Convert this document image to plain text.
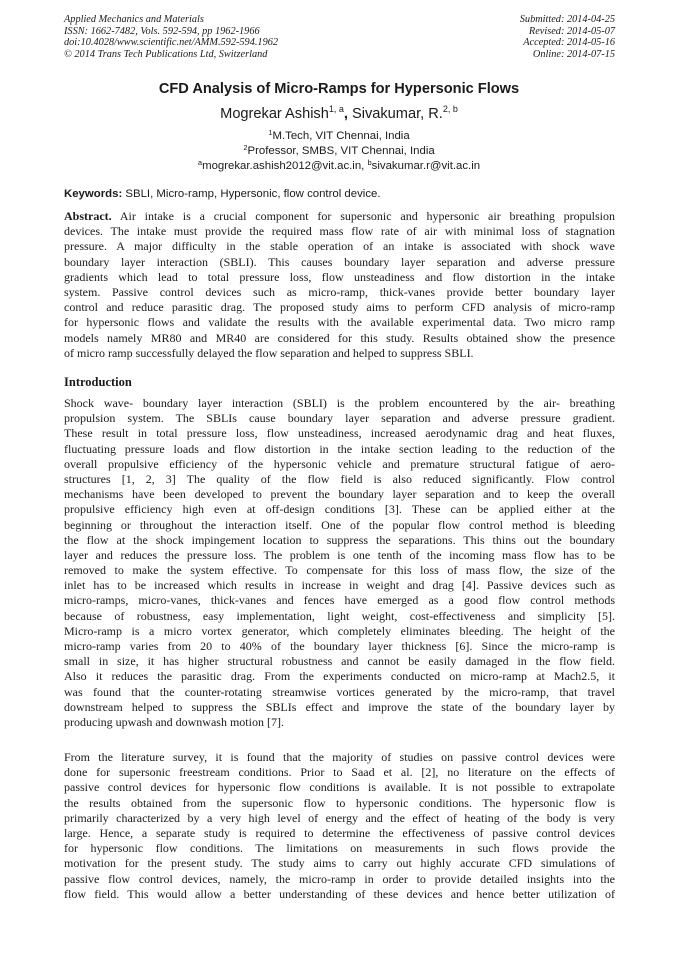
Applied Mechanics and Materials
ISSN: 1662-7482, Vols. 592-594, pp 1962-1966
doi:10.4028/www.scientific.net/AMM.592-594.1962
© 2014 Trans Tech Publications Ltd, Switzerland
Submitted: 2014-04-25
Revised: 2014-05-07
Accepted: 2014-05-16
Online: 2014-07-15
CFD Analysis of Micro-Ramps for Hypersonic Flows
Mogrekar Ashish$^{1, a}$, Sivakumar, R.$^{2, b}$
$^1$M.Tech, VIT Chennai, India
$^2$Professor, SMBS, VIT Chennai, India
$^a$mogrekar.ashish2012@vit.ac.in, $^b$sivakumar.r@vit.ac.in
Keywords: SBLI, Micro-ramp, Hypersonic, flow control device.
Abstract. Air intake is a crucial component for supersonic and hypersonic air breathing propulsion
devices. The intake must provide the required mass flow rate of air with minimal loss of stagnation
pressure. A major difficulty in the stable operation of an intake is associated with shock wave
boundary layer interaction (SBLI). This causes boundary layer separation and adverse pressure
gradients which lead to total pressure loss, flow unsteadiness and flow distortion in the intake
system. Passive control devices such as micro-ramp, thick-vanes provide better boundary layer
control and reduce parasitic drag. The proposed study aims to perform CFD analysis of micro-ramp
for hypersonic flows and validate the results with the available experimental data. Two micro ramp
models namely MR80 and MR40 are considered for this study. Results obtained show the presence
of micro ramp successfully delayed the flow separation and helped to suppress SBLI.
Introduction
Shock wave- boundary layer interaction (SBLI) is the problem encountered by the air- breathing
propulsion system. The SBLIs cause boundary layer separation and adverse pressure gradient.
These result in total pressure loss, flow unsteadiness, increased aerodynamic drag and heat fluxes,
fluctuating pressure loads and flow distortion in the intake section leading to the reduction of the
overall propulsive efficiency of the hypersonic vehicle and premature structural fatigue of aero-
structures [1, 2, 3] The quality of the flow field is also reduced significantly. Flow control
mechanisms have been developed to prevent the boundary layer separation and to keep the overall
propulsive efficiency high even at off-design conditions [3]. These can be applied either at the
beginning or throughout the interaction itself. One of the popular flow control method is bleeding
the flow at the shock impingement location to suppress the separations. This thins out the boundary
layer and reduces the pressure loss. The problem is one tenth of the incoming mass flow has to be
removed to make the system effective. To compensate for this loss of mass flow, the size of the
inlet has to be increased which results in increase in weight and drag [4]. Passive devices such as
micro-ramps, micro-vanes, thick-vanes and fences have emerged as a good flow control methods
because of robustness, easy implementation, light weight, cost-effectiveness and simplicity [5].
Micro-ramp is a micro vortex generator, which completely eliminates bleeding. The height of the
micro-ramp varies from 20 to 40% of the boundary layer thickness [6]. Since the micro-ramp is
small in size, it has higher structural robustness and cannot be easily damaged in the flow field.
Also it reduces the parasitic drag. From the experiments conducted on micro-ramp at Mach2.5, it
was found that the counter-rotating streamwise vortices generated by the micro-ramp, that travel
downstream helped to suppress the SBLIs effect and improve the state of the boundary layer by
producing upwash and downwash motion [7].
From the literature survey, it is found that the majority of studies on passive control devices were
done for supersonic freestream conditions. Prior to Saad et al. [2], no literature on the effects of
passive control devices for hypersonic flow conditions is available. It is not possible to extrapolate
the results obtained from the supersonic flow to hypersonic conditions. The hypersonic flow is
primarily characterized by a very high level of energy and the effect of heating of the body is very
large. Hence, a separate study is required to determine the effectiveness of passive control devices
for hypersonic flow conditions. The limitations on measurements in such flows provide the
motivation for the present study. The study aims to carry out highly accurate CFD simulations of
passive flow control devices, namely, the micro-ramp in order to provide detailed insights into the
flow field. This would allow a better understanding of these devices and hence better utilization of
